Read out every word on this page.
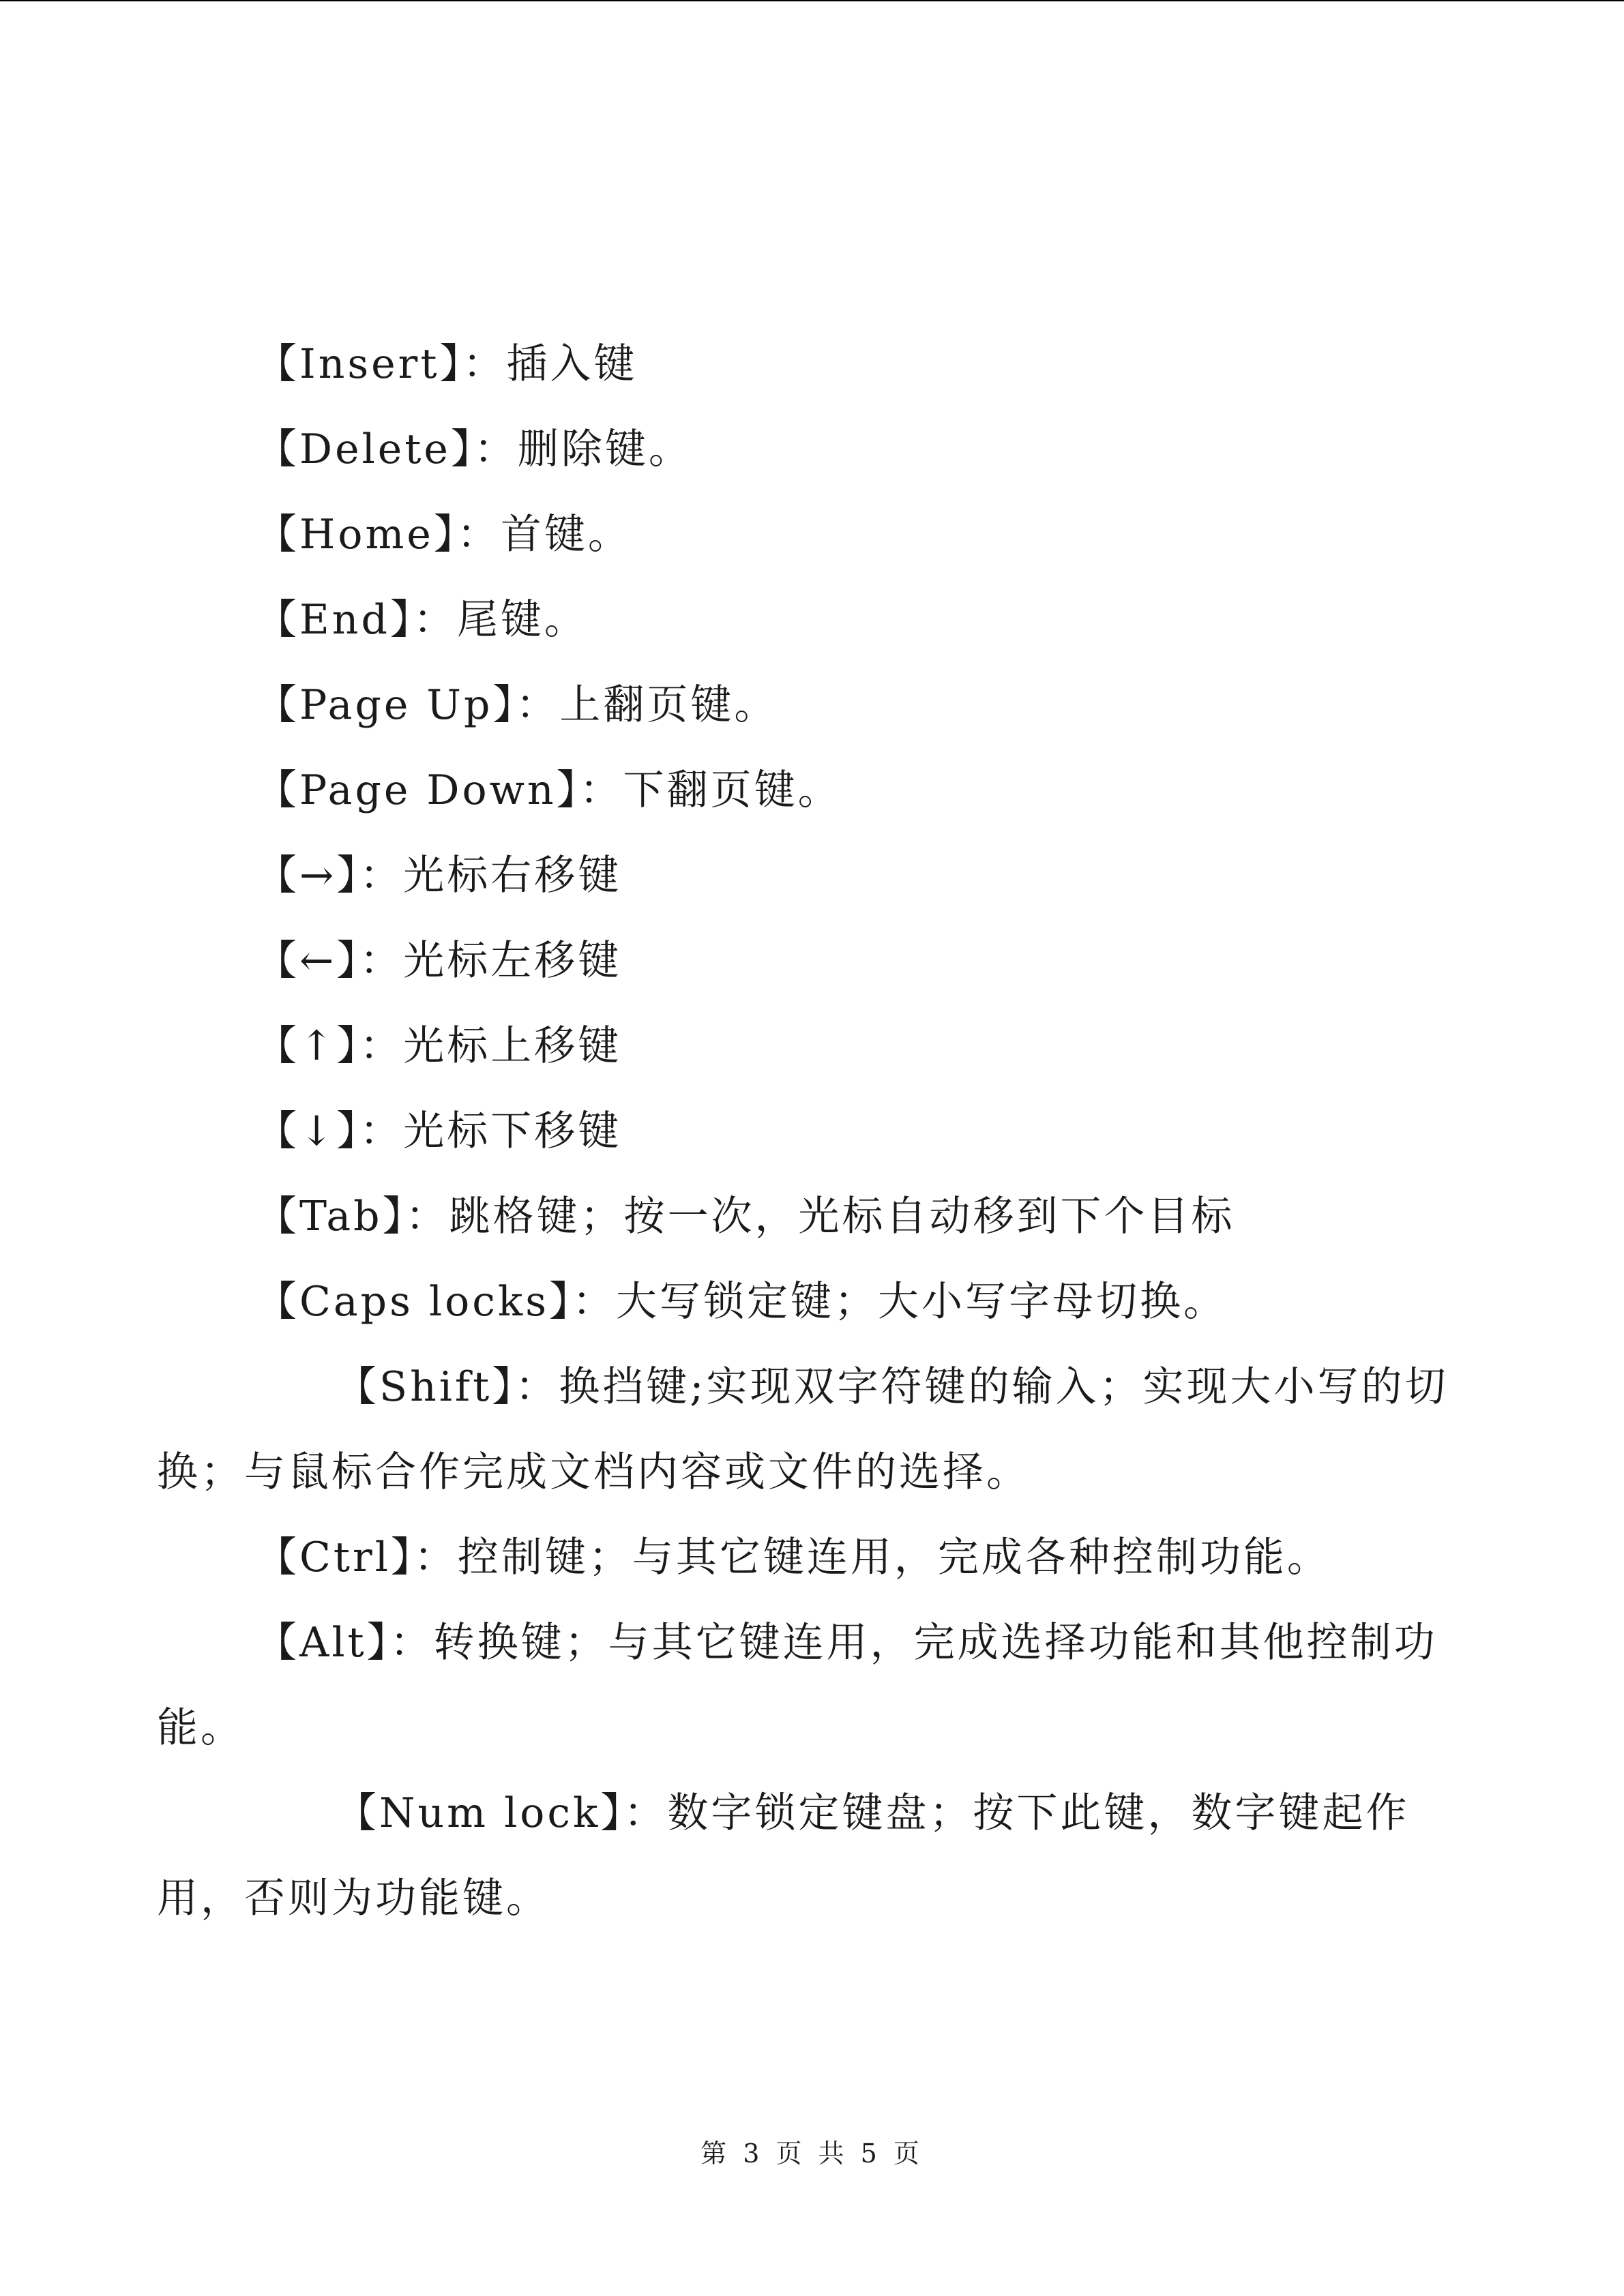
【Insert】：插入键

【Delete】：删除键。

【Home】：首键。

【End】：尾键。

【Page Up】：上翻页键。

【Page Down】：下翻页键。

【→】：光标右移键

【←】：光标左移键

【↑】：光标上移键

【↓】：光标下移键

【Tab】：跳格键；按一次，光标自动移到下个目标

【Caps locks】：大写锁定键；大小写字母切换。

【Shift】：换挡键;实现双字符键的输入；实现大小写的切换；与鼠标合作完成文档内容或文件的选择。

【Ctrl】：控制键；与其它键连用，完成各种控制功能。

【Alt】：转换键；与其它键连用，完成选择功能和其他控制功能。

【Num lock】：数字锁定键盘；按下此键，数字键起作用，否则为功能键。

第 3 页 共 5 页
